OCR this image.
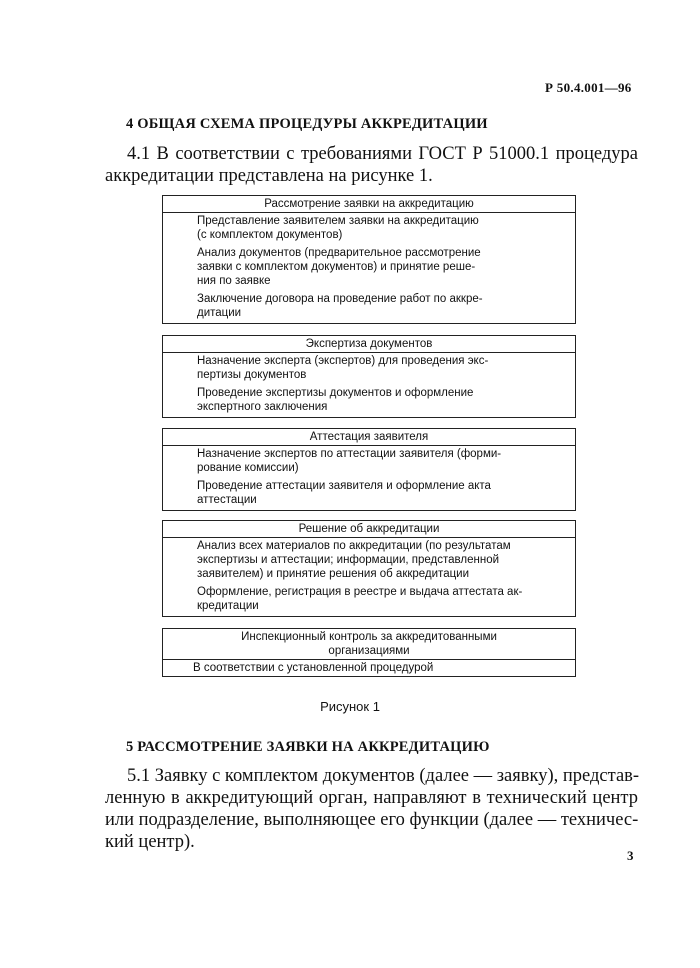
Р 50.4.001—96
4 ОБЩАЯ СХЕМА ПРОЦЕДУРЫ АККРЕДИТАЦИИ
4.1 В соответствии с требованиями ГОСТ Р 51000.1 процедура
аккредитации представлена на рисунке 1.
Рассмотрение заявки на аккредитацию
Представление заявителем заявки на аккредитацию
(с комплектом документов)
Анализ документов (предварительное рассмотрение
заявки с комплектом документов) и принятие реше-
ния по заявке
Заключение договора на проведение работ по аккре-
дитации
Экспертиза документов
Назначение эксперта (экспертов) для проведения экс-
пертизы документов
Проведение экспертизы документов и оформление
экспертного заключения
Аттестация заявителя
Назначение экспертов по аттестации заявителя (форми-
рование комиссии)
Проведение аттестации заявителя и оформление акта
аттестации
Решение об аккредитации
Анализ всех материалов по аккредитации (по результатам
экспертизы и аттестации; информации, представленной
заявителем) и принятие решения об аккредитации
Оформление, регистрация в реестре и выдача аттестата ак-
кредитации
Инспекционный контроль за аккредитованными
организациями
В соответствии с установленной процедурой
Рисунок 1
5 РАССМОТРЕНИЕ ЗАЯВКИ НА АККРЕДИТАЦИЮ
5.1 Заявку с комплектом документов (далее — заявку), представ-
ленную в аккредитующий орган, направляют в технический центр
или подразделение, выполняющее его функции (далее — техничес-
кий центр).
3
